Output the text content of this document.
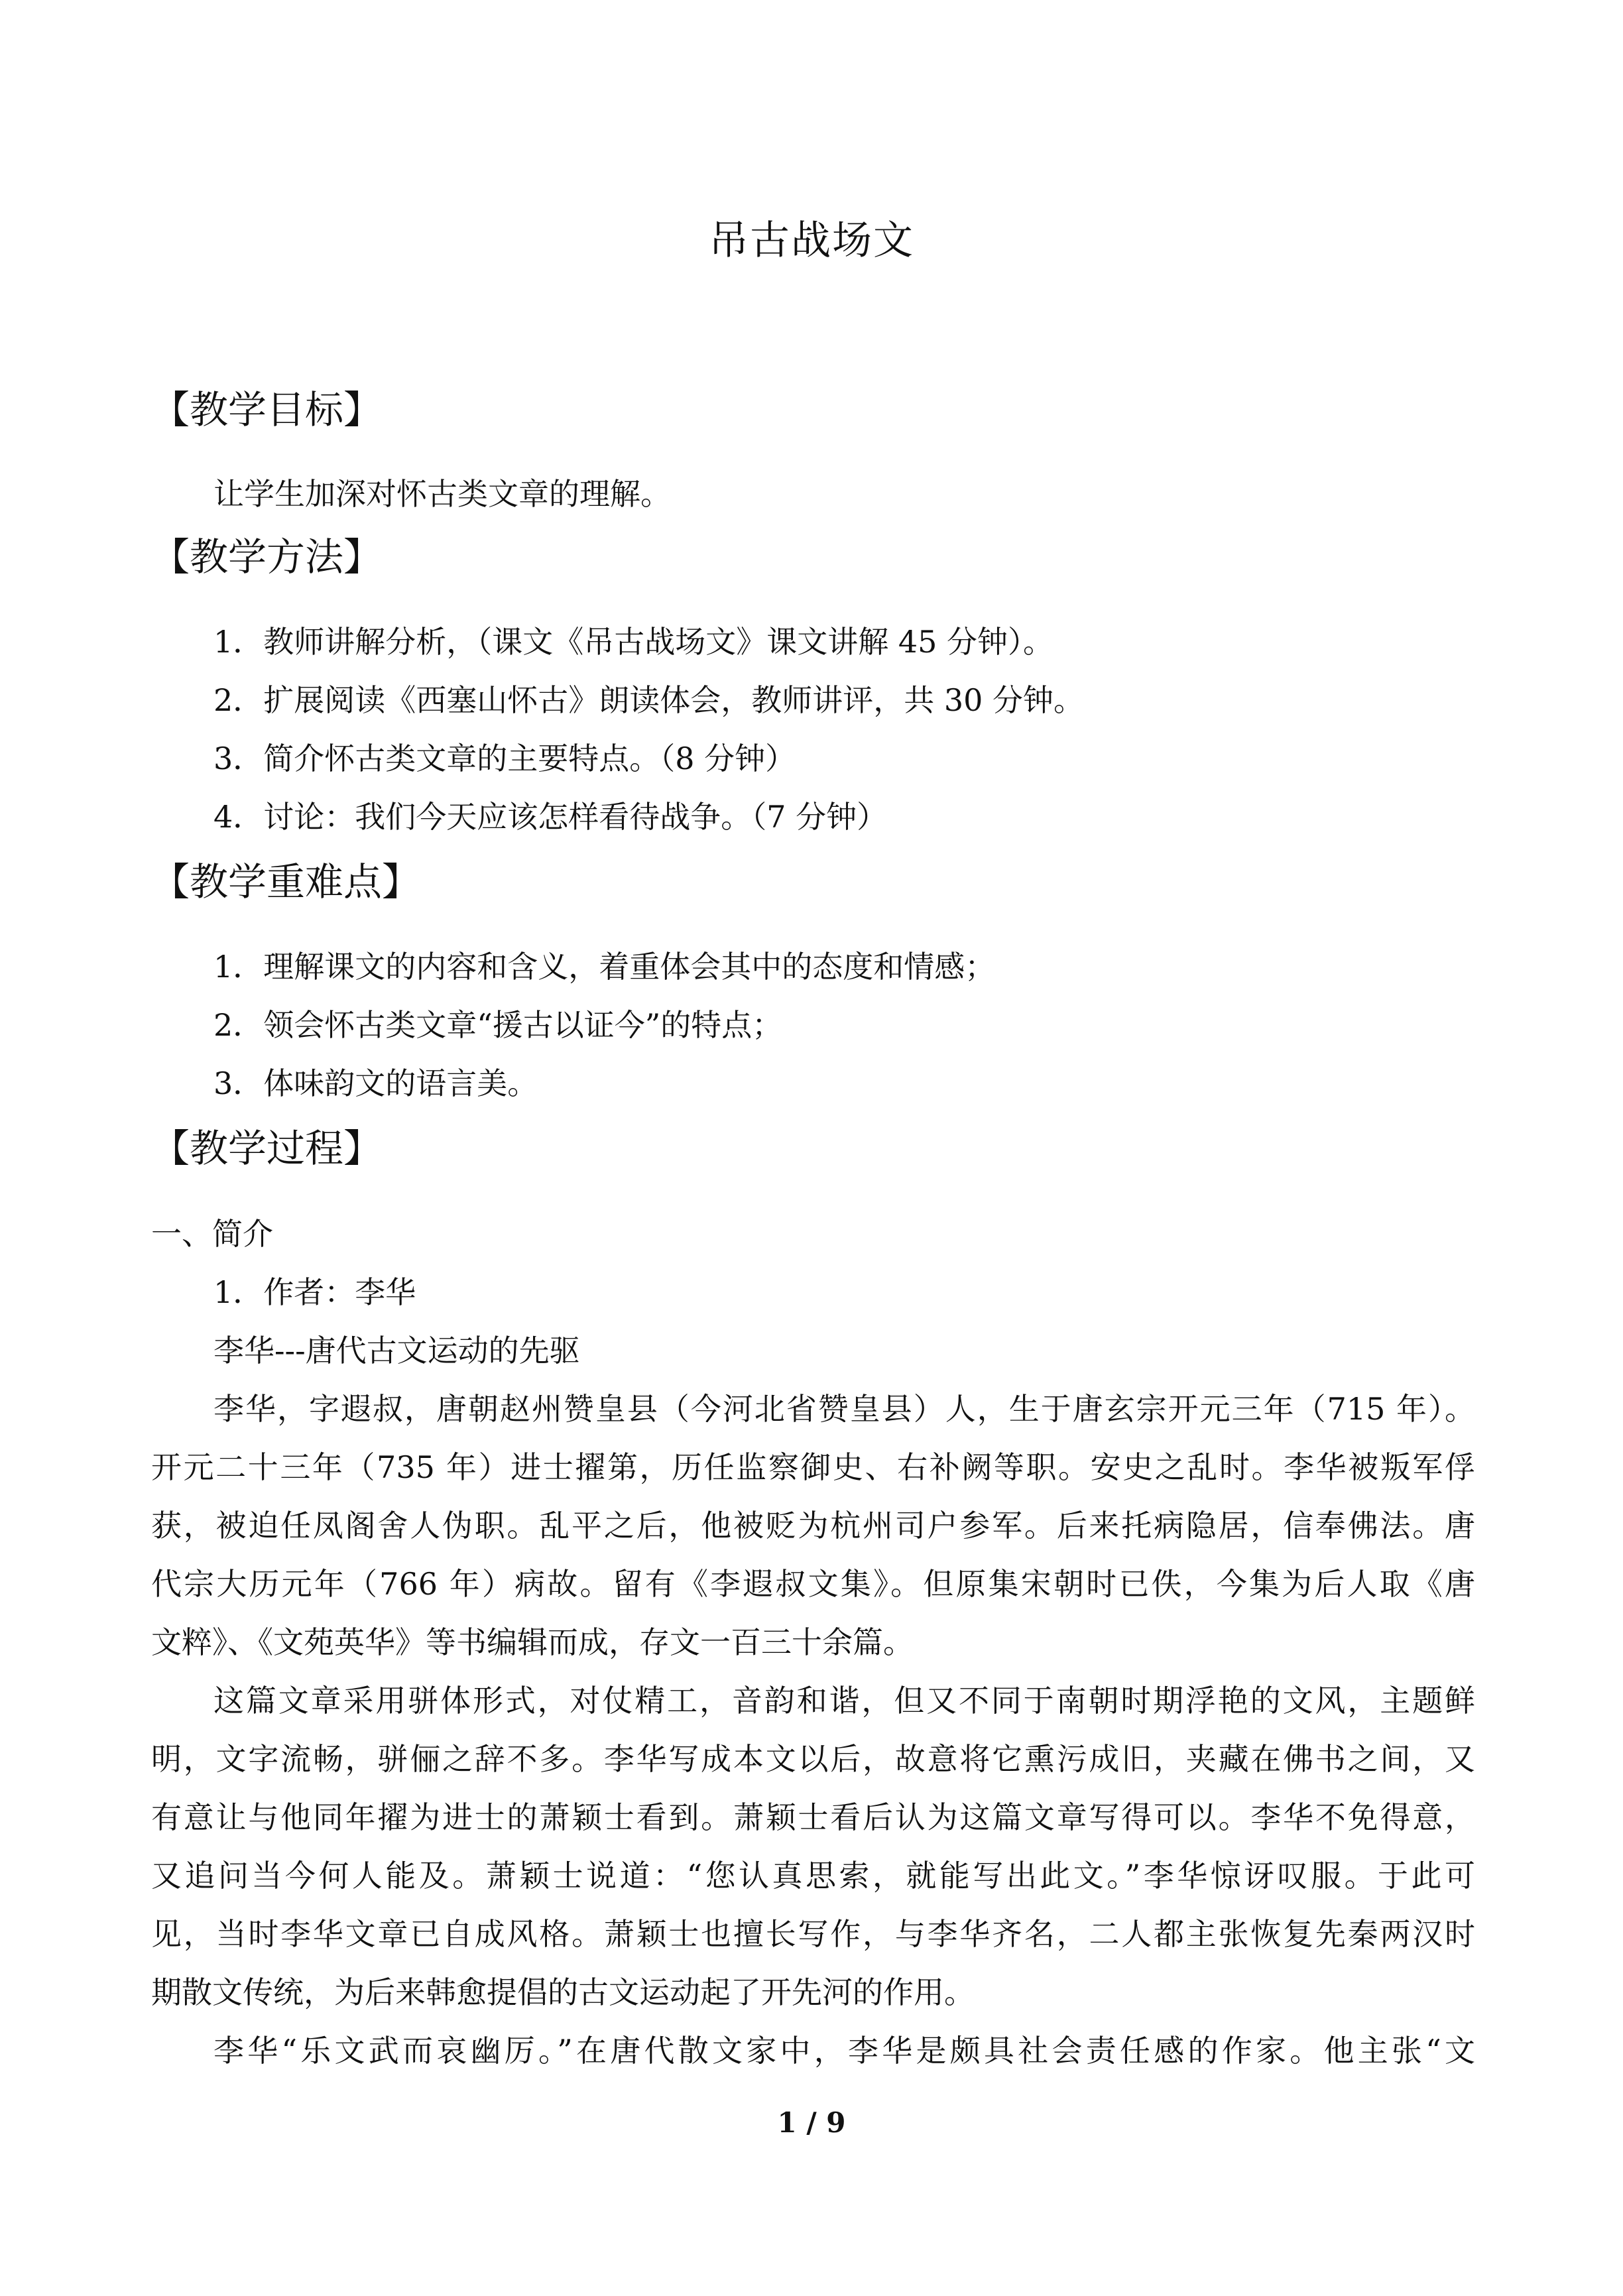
吊古战场文
【教学目标】
让学生加深对怀古类文章的理解。
【教学方法】
1．教师讲解分析，（课文《吊古战场文》课文讲解 45 分钟）。
2．扩展阅读《西塞山怀古》朗读体会，教师讲评，共 30 分钟。
3．简介怀古类文章的主要特点。（8 分钟）
4．讨论：我们今天应该怎样看待战争。（7 分钟）
【教学重难点】
1．理解课文的内容和含义，着重体会其中的态度和情感；
2．领会怀古类文章“援古以证今”的特点；
3．体味韵文的语言美。
【教学过程】
一、简介
1．作者：李华
李华---唐代古文运动的先驱
李华，字遐叔，唐朝赵州赞皇县（今河北省赞皇县）人，生于唐玄宗开元三年（715 年）。
开元二十三年（735 年）进士擢第，历任监察御史、右补阙等职。安史之乱时。李华被叛军俘
获，被迫任凤阁舍人伪职。乱平之后，他被贬为杭州司户参军。后来托病隐居，信奉佛法。唐
代宗大历元年（766 年）病故。留有《李遐叔文集》。但原集宋朝时已佚，今集为后人取《唐
文粹》、《文苑英华》等书编辑而成，存文一百三十余篇。
这篇文章采用骈体形式，对仗精工，音韵和谐，但又不同于南朝时期浮艳的文风，主题鲜
明，文字流畅，骈俪之辞不多。李华写成本文以后，故意将它熏污成旧，夹藏在佛书之间，又
有意让与他同年擢为进士的萧颖士看到。萧颖士看后认为这篇文章写得可以。李华不免得意，
又追问当今何人能及。萧颖士说道：“您认真思索，就能写出此文。”李华惊讶叹服。于此可
见，当时李华文章已自成风格。萧颖士也擅长写作，与李华齐名，二人都主张恢复先秦两汉时
期散文传统，为后来韩愈提倡的古文运动起了开先河的作用。
李华“乐文武而哀幽厉。”在唐代散文家中，李华是颇具社会责任感的作家。他主张“文
1 / 9
